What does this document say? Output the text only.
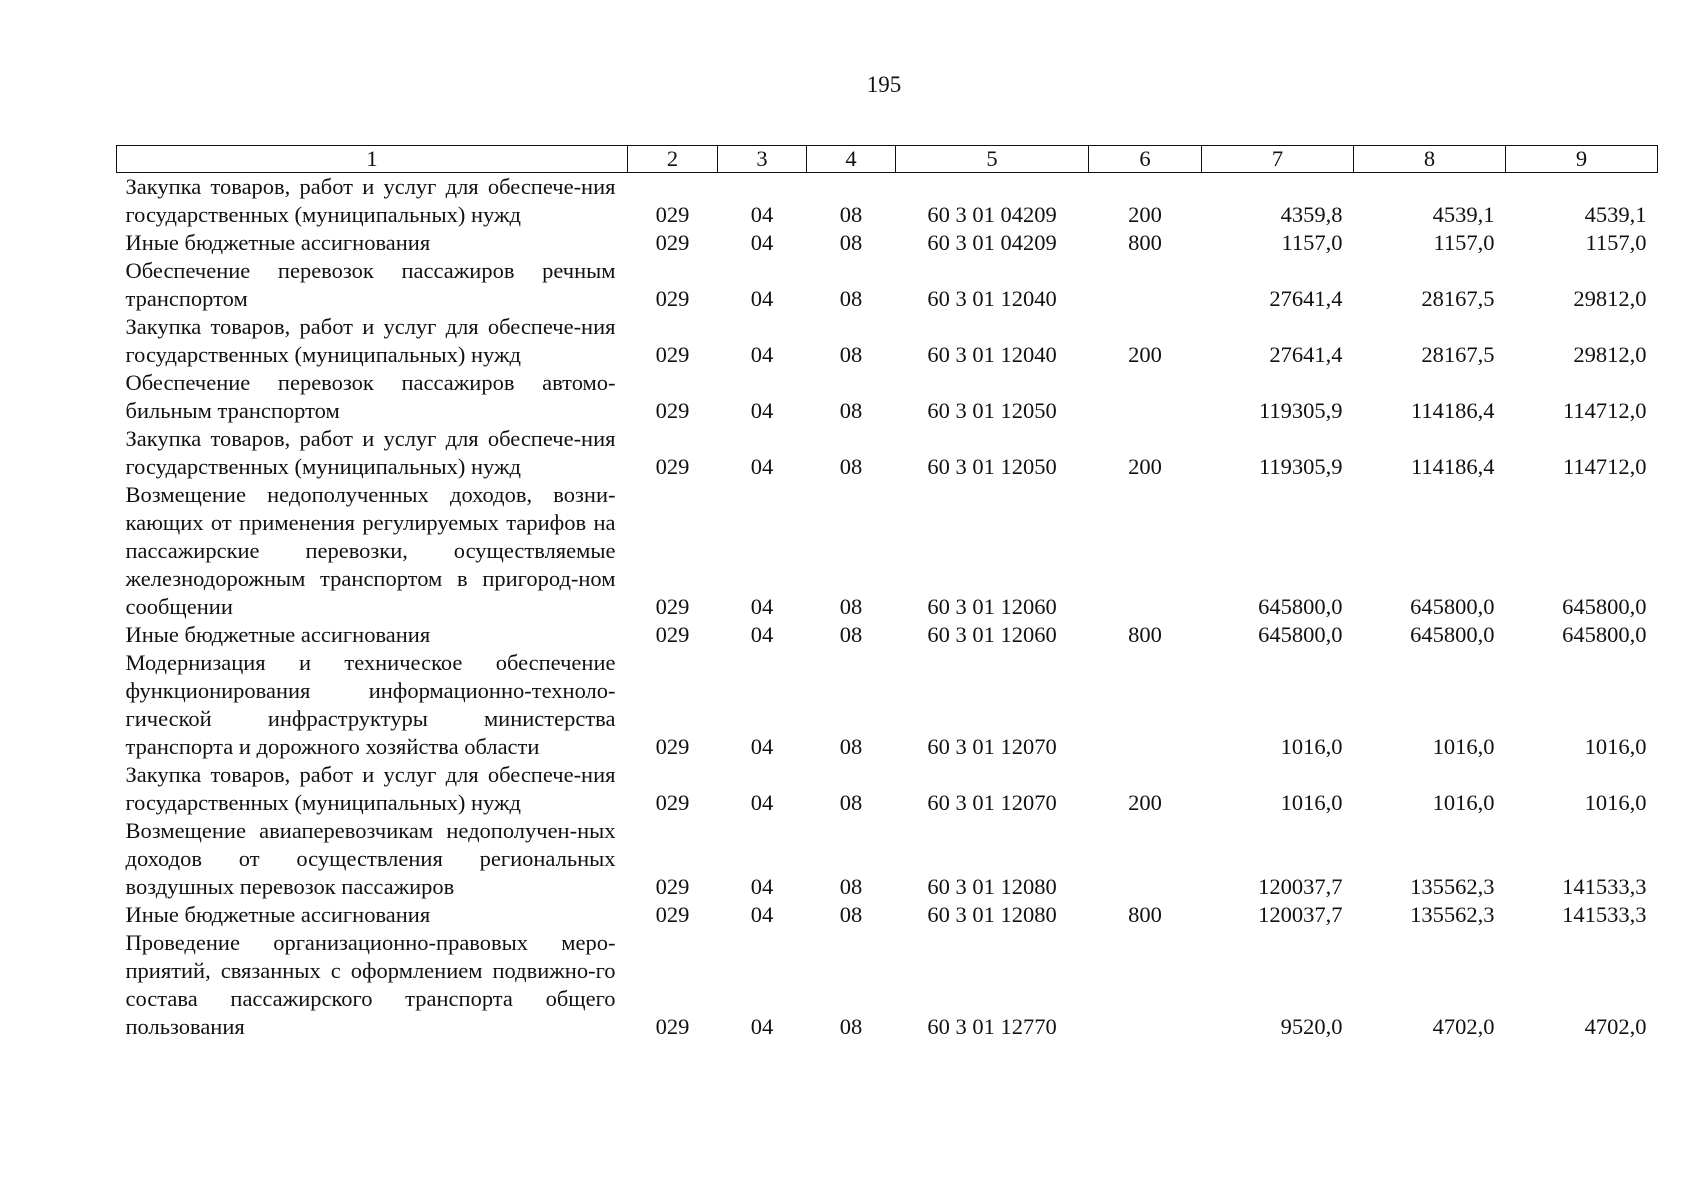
195
1	2	3	4	5	6	7	8	9
Закупка товаров, работ и услуг для обеспече-ния государственных (муниципальных) нужд	029	04	08	60 3 01 04209	200	4359,8	4539,1	4539,1
Иные бюджетные ассигнования	029	04	08	60 3 01 04209	800	1157,0	1157,0	1157,0
Обеспечение перевозок пассажиров речным транспортом	029	04	08	60 3 01 12040		27641,4	28167,5	29812,0
Закупка товаров, работ и услуг для обеспече-ния государственных (муниципальных) нужд	029	04	08	60 3 01 12040	200	27641,4	28167,5	29812,0
Обеспечение перевозок пассажиров автомо-бильным транспортом	029	04	08	60 3 01 12050		119305,9	114186,4	114712,0
Закупка товаров, работ и услуг для обеспече-ния государственных (муниципальных) нужд	029	04	08	60 3 01 12050	200	119305,9	114186,4	114712,0
Возмещение недополученных доходов, возни-кающих от применения регулируемых тарифов на пассажирские перевозки, осуществляемые железнодорожным транспортом в пригород-ном сообщении	029	04	08	60 3 01 12060		645800,0	645800,0	645800,0
Иные бюджетные ассигнования	029	04	08	60 3 01 12060	800	645800,0	645800,0	645800,0
Модернизация и техническое обеспечение функционирования информационно-техноло-гической инфраструктуры министерства транспорта и дорожного хозяйства области	029	04	08	60 3 01 12070		1016,0	1016,0	1016,0
Закупка товаров, работ и услуг для обеспече-ния государственных (муниципальных) нужд	029	04	08	60 3 01 12070	200	1016,0	1016,0	1016,0
Возмещение авиаперевозчикам недополучен-ных доходов от осуществления региональных воздушных перевозок пассажиров	029	04	08	60 3 01 12080		120037,7	135562,3	141533,3
Иные бюджетные ассигнования	029	04	08	60 3 01 12080	800	120037,7	135562,3	141533,3
Проведение организационно-правовых меро-приятий, связанных с оформлением подвижно-го состава пассажирского транспорта общего пользования	029	04	08	60 3 01 12770		9520,0	4702,0	4702,0
